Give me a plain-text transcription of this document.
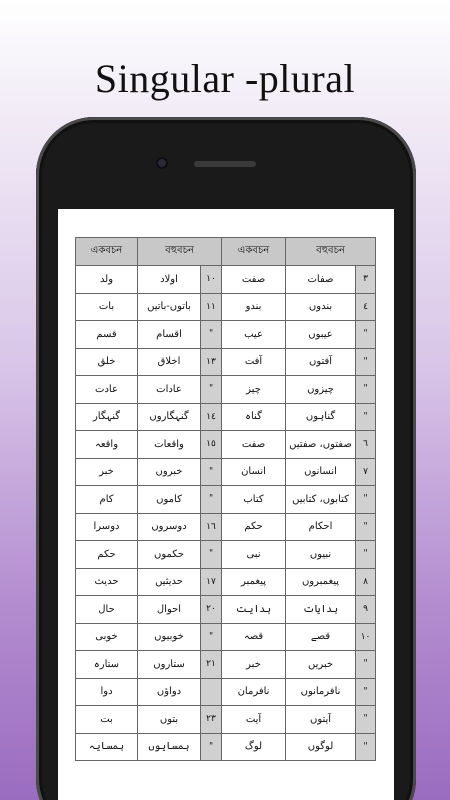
Singular -plural
একবচন	বহুবচন		একবচন	বহুবচন	
ولد	اولاد	١٠	صفت	صفات	٣
بات	باتوں-باتیں	١١	بندو	بندوں	٤
قسم	اقسام	"	عیب	عیبوں	"
خلق	اخلاق	١٣	آفت	آفتوں	"
عادت	عادات	"	چیز	چیزوں	"
گنہگار	گنہگاروں	١٤	گناہ	گناہوں	"
واقعہ	واقعات	١٥	صفت	صفتوں، صفتیں	٦
خبر	خبروں	"	انسان	انسانوں	٧
کام	کاموں	"	کتاب	کتابوں، کتابیں	"
دوسرا	دوسروں	١٦	حکم	احکام	"
حکم	حکموں	"	نبی	نبیوں	"
حدیث	حدیثیں	١٧	پیغمبر	پیغمبروں	٨
حال	احوال	٢٠	ہدایت	ہدایات	٩
خوبی	خوبیوں	"	قصہ	قصے	١٠
ستارہ	ستاروں	٢١	خبر	خبریں	"
دوا	دواؤں		نافرمان	نافرمانوں	"
بت	بتوں	٢٣	آیت	آیتوں	"
ہمسایہ	ہمسایوں	"	لوگ	لوگوں	"
